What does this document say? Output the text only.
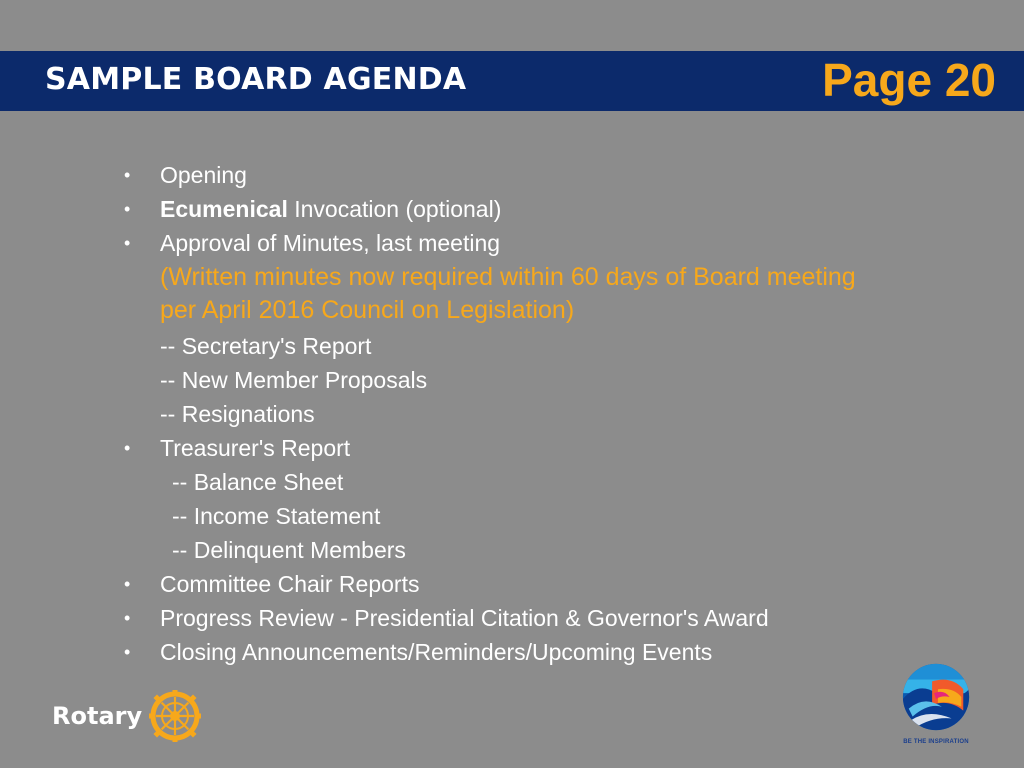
SAMPLE BOARD AGENDA	Page 20
• Opening
• Ecumenical Invocation (optional)
• Approval of Minutes, last meeting
(Written minutes now required within 60 days of Board meeting per April 2016 Council on Legislation)
-- Secretary's Report
-- New Member Proposals
-- Resignations
• Treasurer's Report
-- Balance Sheet
-- Income Statement
-- Delinquent Members
• Committee Chair Reports
• Progress Review - Presidential Citation & Governor's Award
• Closing Announcements/Reminders/Upcoming Events
Rotary
BE THE INSPIRATION
